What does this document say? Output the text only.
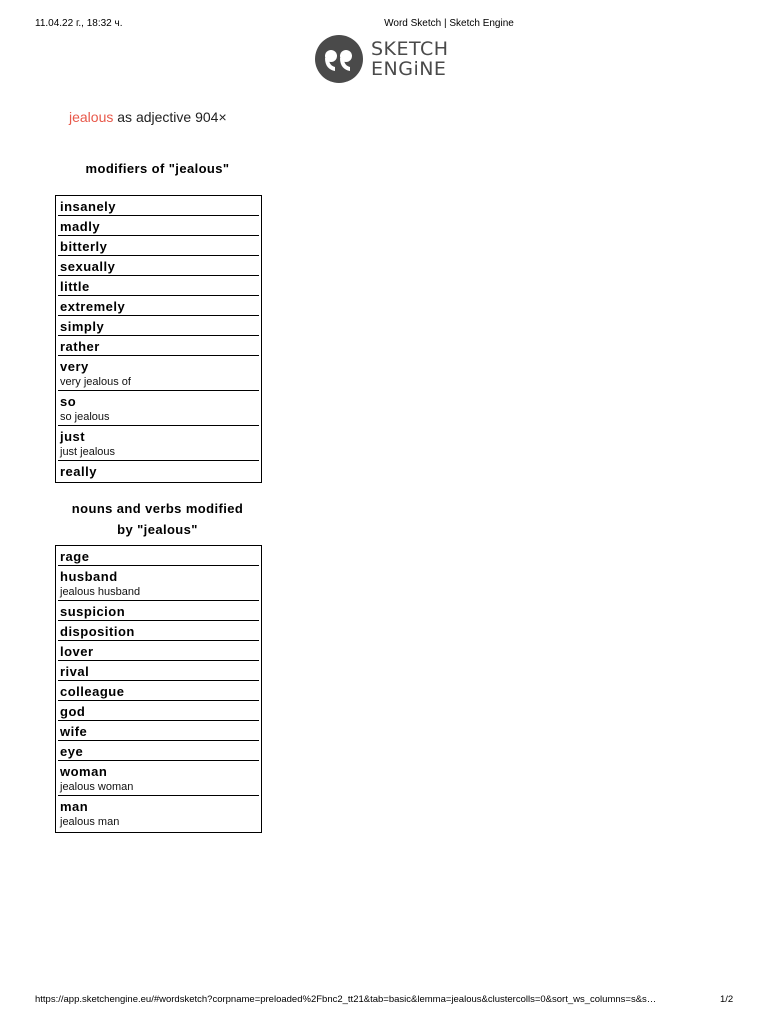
11.04.22 г., 18:32 ч.	Word Sketch | Sketch Engine
SKETCH
ENGiNE
jealous as adjective 904×
modifiers of "jealous"
insanely
madly
bitterly
sexually
little
extremely
simply
rather
very
very jealous of
so
so jealous
just
just jealous
really
nouns and verbs modified
by "jealous"
rage
husband
jealous husband
suspicion
disposition
lover
rival
colleague
god
wife
eye
woman
jealous woman
man
jealous man
https://app.sketchengine.eu/#wordsketch?corpname=preloaded%2Fbnc2_tt21&tab=basic&lemma=jealous&clustercolls=0&sort_ws_columns=s&s…	1/2
